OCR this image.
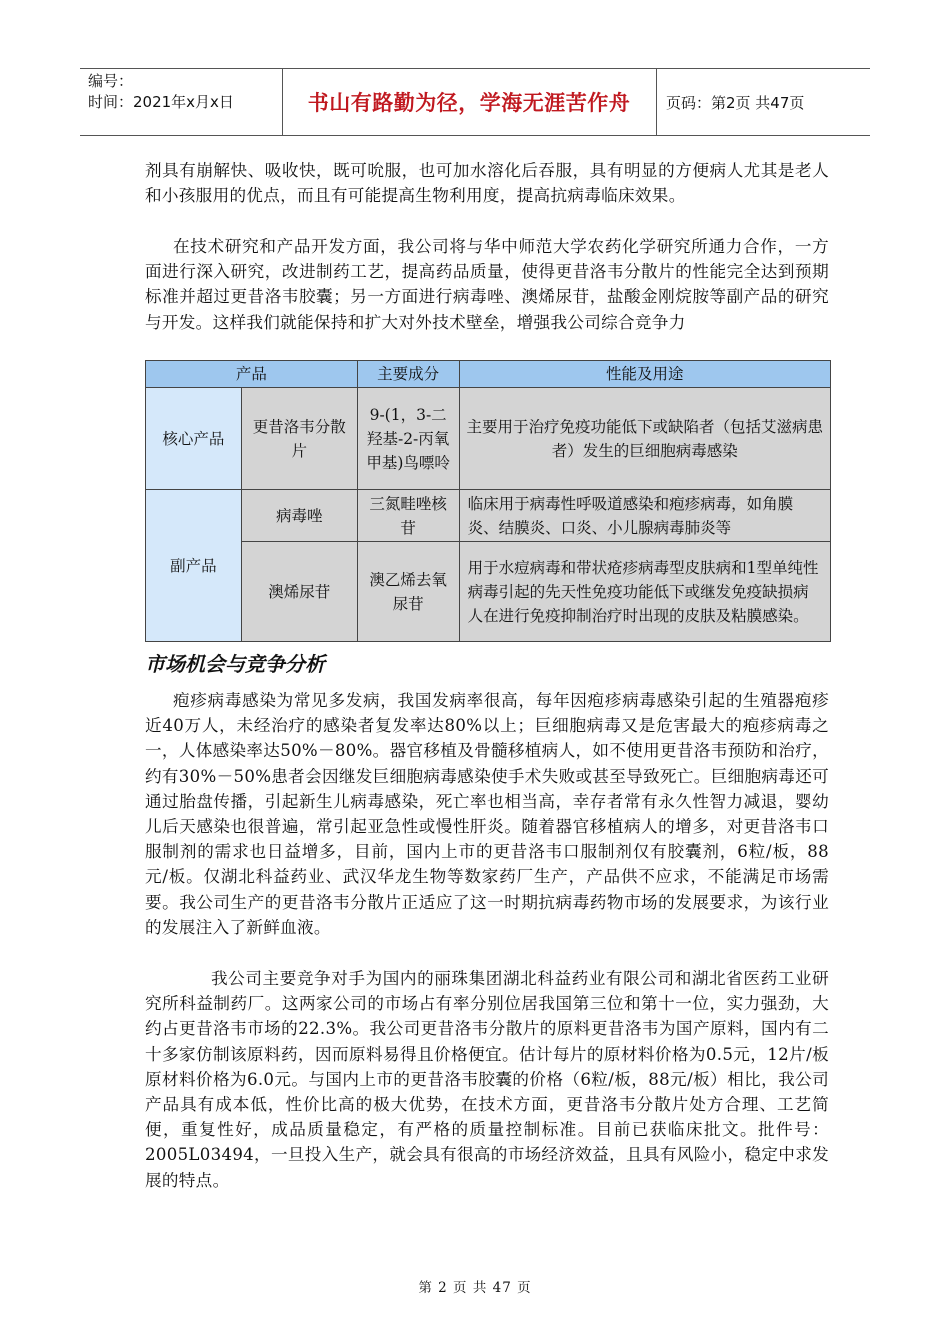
编号：
时间：2021年x月x日	书山有路勤为径，学海无涯苦作舟	页码：第2页 共47页

剂具有崩解快、吸收快，既可吮服，也可加水溶化后吞服，具有明显的方便病人尤其是老人和小孩服用的优点，而且有可能提高生物利用度，提高抗病毒临床效果。

在技术研究和产品开发方面，我公司将与华中师范大学农药化学研究所通力合作，一方面进行深入研究，改进制药工艺，提高药品质量，使得更昔洛韦分散片的性能完全达到预期标准并超过更昔洛韦胶囊；另一方面进行病毒唑、澳烯尿苷，盐酸金刚烷胺等副产品的研究与开发。这样我们就能保持和扩大对外技术壁垒，增强我公司综合竞争力

产品		主要成分	性能及用途
核心产品	更昔洛韦分散片	9-(1，3-二羟基-2-丙氧甲基)鸟嘌呤	主要用于治疗免疫功能低下或缺陷者（包括艾滋病患者）发生的巨细胞病毒感染
副产品	病毒唑	三氮畦唑核苷	临床用于病毒性呼吸道感染和疱疹病毒，如角膜炎、结膜炎、口炎、小儿腺病毒肺炎等
	澳烯尿苷	澳乙烯去氧尿苷	用于水痘病毒和带状疮疹病毒型皮肤病和1型单纯性病毒引起的先天性免疫功能低下或继发免疫缺损病人在进行免疫抑制治疗时出现的皮肤及粘膜感染。
市场机会与竞争分析

疱疹病毒感染为常见多发病，我国发病率很高，每年因疱疹病毒感染引起的生殖器疱疹近40万人，未经治疗的感染者复发率达80%以上；巨细胞病毒又是危害最大的疱疹病毒之一，人体感染率达50%－80%。器官移植及骨髓移植病人，如不使用更昔洛韦预防和治疗，约有30%－50%患者会因继发巨细胞病毒感染使手术失败或甚至导致死亡。巨细胞病毒还可通过胎盘传播，引起新生儿病毒感染，死亡率也相当高，幸存者常有永久性智力减退，婴幼儿后天感染也很普遍，常引起亚急性或慢性肝炎。随着器官移植病人的增多，对更昔洛韦口服制剂的需求也日益增多，目前，国内上市的更昔洛韦口服制剂仅有胶囊剂，6粒/板，88元/板。仅湖北科益药业、武汉华龙生物等数家药厂生产，产品供不应求，不能满足市场需要。我公司生产的更昔洛韦分散片正适应了这一时期抗病毒药物市场的发展要求，为该行业的发展注入了新鲜血液。

我公司主要竞争对手为国内的丽珠集团湖北科益药业有限公司和湖北省医药工业研究所科益制药厂。这两家公司的市场占有率分别位居我国第三位和第十一位，实力强劲，大约占更昔洛韦市场的22.3%。我公司更昔洛韦分散片的原料更昔洛韦为国产原料，国内有二十多家仿制该原料药，因而原料易得且价格便宜。估计每片的原材料价格为0.5元，12片/板原材料价格为6.0元。与国内上市的更昔洛韦胶囊的价格（6粒/板，88元/板）相比，我公司产品具有成本低，性价比高的极大优势，在技术方面，更昔洛韦分散片处方合理、工艺简便，重复性好，成品质量稳定，有严格的质量控制标准。目前已获临床批文。批件号：2005L03494，一旦投入生产，就会具有很高的市场经济效益，且具有风险小，稳定中求发展的特点。

第 2 页 共 47 页
